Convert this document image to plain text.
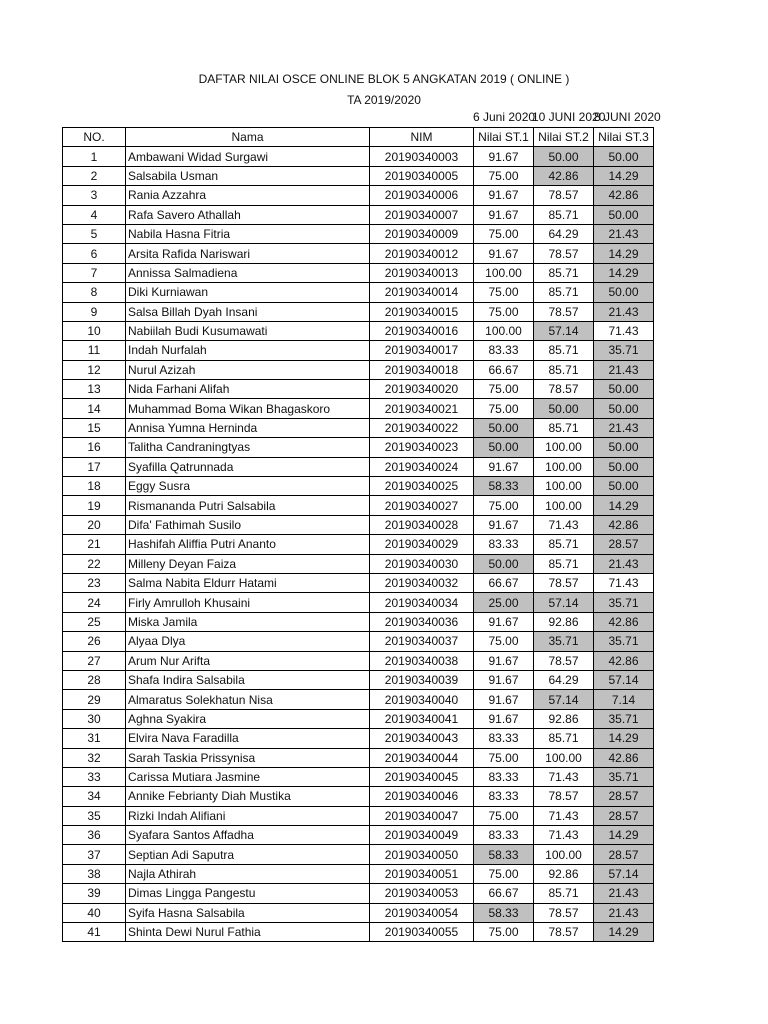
DAFTAR NILAI OSCE ONLINE BLOK 5 ANGKATAN 2019 ( ONLINE )
TA 2019/2020
6 Juni 2020
10 JUNI 2020
8 JUNI 2020
NO.	Nama	NIM	Nilai ST.1	Nilai ST.2	Nilai ST.3
1	Ambawani Widad Surgawi	20190340003	91.67	50.00	50.00
2	Salsabila Usman	20190340005	75.00	42.86	14.29
3	Rania Azzahra	20190340006	91.67	78.57	42.86
4	Rafa Savero Athallah	20190340007	91.67	85.71	50.00
5	Nabila Hasna Fitria	20190340009	75.00	64.29	21.43
6	Arsita Rafida Nariswari	20190340012	91.67	78.57	14.29
7	Annissa Salmadiena	20190340013	100.00	85.71	14.29
8	Diki Kurniawan	20190340014	75.00	85.71	50.00
9	Salsa Billah Dyah Insani	20190340015	75.00	78.57	21.43
10	Nabiilah Budi Kusumawati	20190340016	100.00	57.14	71.43
11	Indah Nurfalah	20190340017	83.33	85.71	35.71
12	Nurul Azizah	20190340018	66.67	85.71	21.43
13	Nida Farhani Alifah	20190340020	75.00	78.57	50.00
14	Muhammad Boma Wikan Bhagaskoro	20190340021	75.00	50.00	50.00
15	Annisa Yumna Herninda	20190340022	50.00	85.71	21.43
16	Talitha Candraningtyas	20190340023	50.00	100.00	50.00
17	Syafilla Qatrunnada	20190340024	91.67	100.00	50.00
18	Eggy Susra	20190340025	58.33	100.00	50.00
19	Rismananda Putri Salsabila	20190340027	75.00	100.00	14.29
20	Difa' Fathimah Susilo	20190340028	91.67	71.43	42.86
21	Hashifah Aliffia Putri Ananto	20190340029	83.33	85.71	28.57
22	Milleny Deyan Faiza	20190340030	50.00	85.71	21.43
23	Salma Nabita Eldurr Hatami	20190340032	66.67	78.57	71.43
24	Firly Amrulloh Khusaini	20190340034	25.00	57.14	35.71
25	Miska Jamila	20190340036	91.67	92.86	42.86
26	Alyaa Dlya	20190340037	75.00	35.71	35.71
27	Arum Nur Arifta	20190340038	91.67	78.57	42.86
28	Shafa Indira Salsabila	20190340039	91.67	64.29	57.14
29	Almaratus Solekhatun Nisa	20190340040	91.67	57.14	7.14
30	Aghna Syakira	20190340041	91.67	92.86	35.71
31	Elvira Nava Faradilla	20190340043	83.33	85.71	14.29
32	Sarah Taskia Prissynisa	20190340044	75.00	100.00	42.86
33	Carissa Mutiara Jasmine	20190340045	83.33	71.43	35.71
34	Annike Febrianty Diah Mustika	20190340046	83.33	78.57	28.57
35	Rizki Indah Alifiani	20190340047	75.00	71.43	28.57
36	Syafara Santos Affadha	20190340049	83.33	71.43	14.29
37	Septian Adi Saputra	20190340050	58.33	100.00	28.57
38	Najla Athirah	20190340051	75.00	92.86	57.14
39	Dimas Lingga Pangestu	20190340053	66.67	85.71	21.43
40	Syifa Hasna Salsabila	20190340054	58.33	78.57	21.43
41	Shinta Dewi Nurul Fathia	20190340055	75.00	78.57	14.29
